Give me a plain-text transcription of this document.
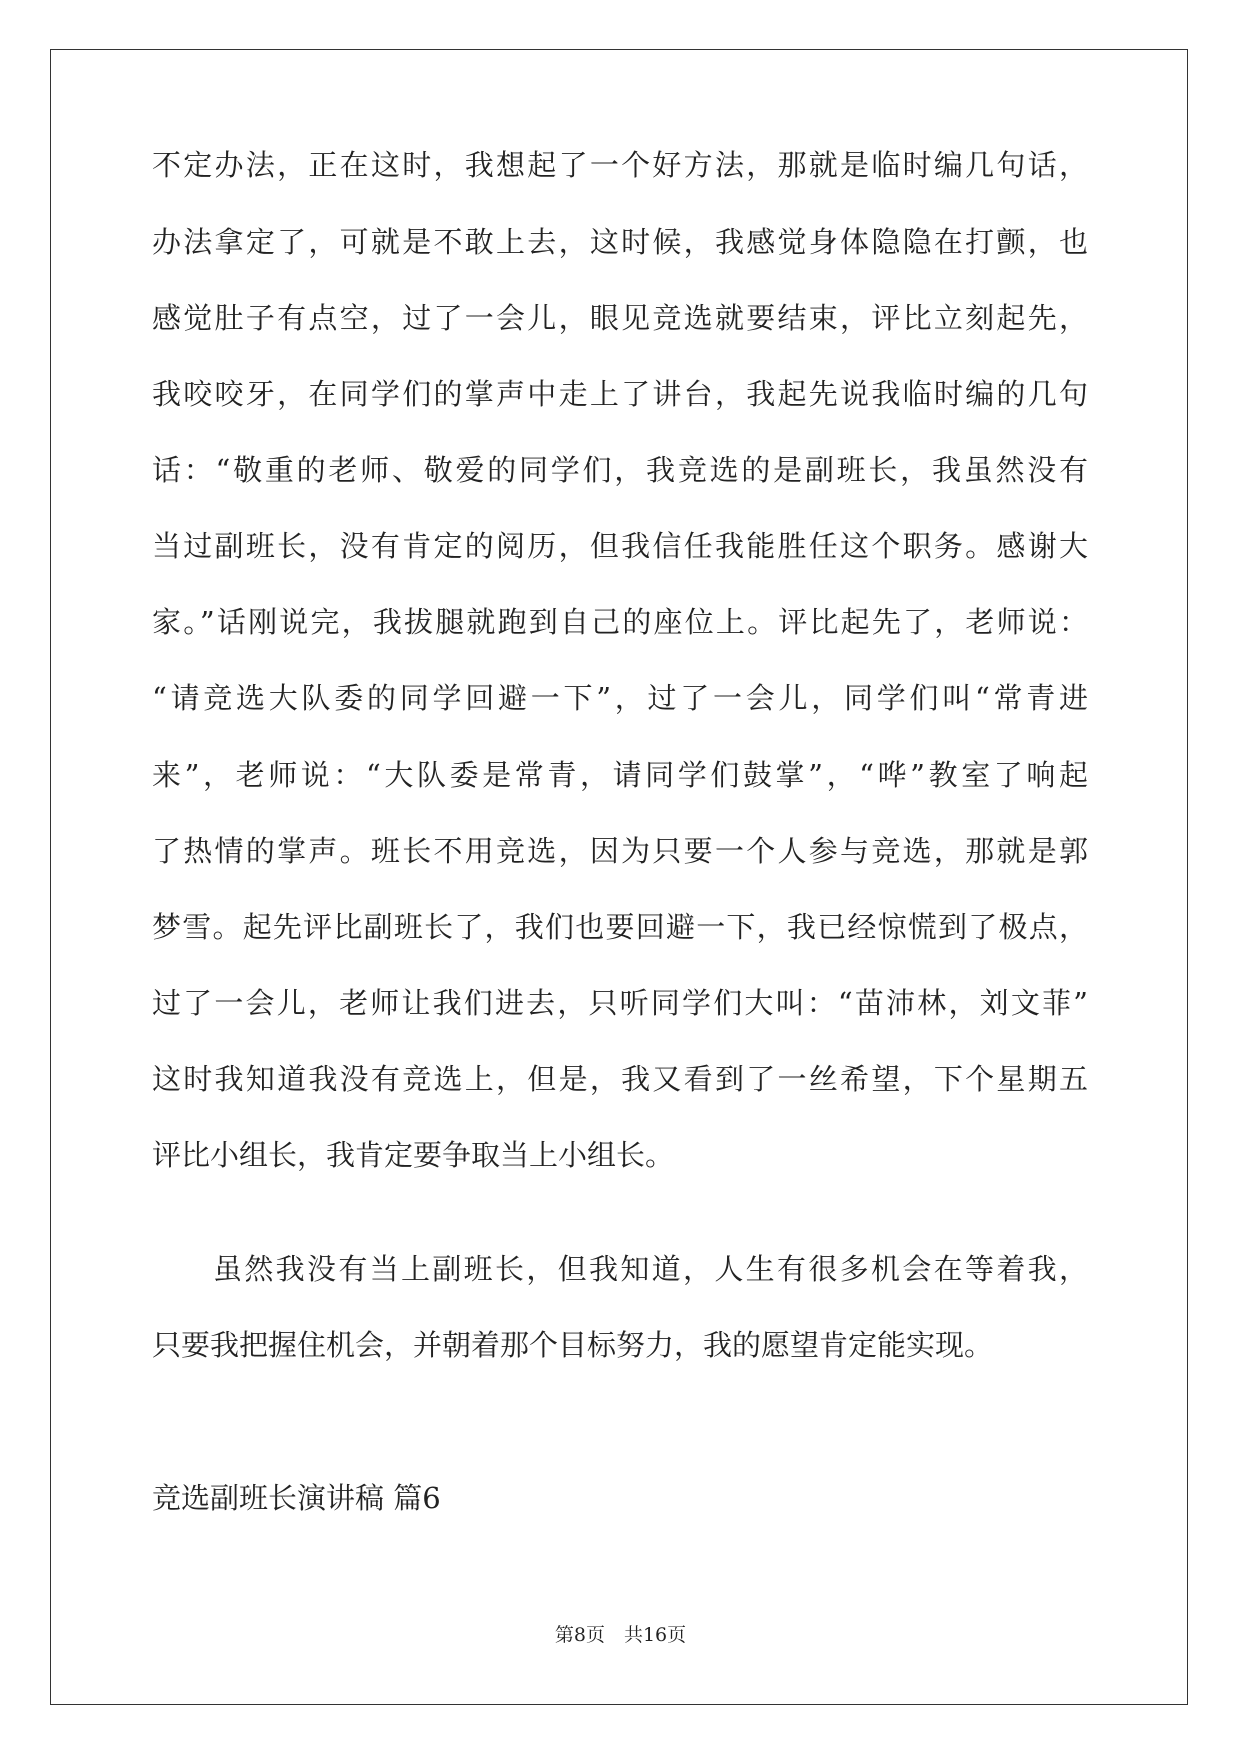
不定办法，正在这时，我想起了一个好方法，那就是临时编几句话，
办法拿定了，可就是不敢上去，这时候，我感觉身体隐隐在打颤，也
感觉肚子有点空，过了一会儿，眼见竞选就要结束，评比立刻起先，
我咬咬牙，在同学们的掌声中走上了讲台，我起先说我临时编的几句
话：“敬重的老师、敬爱的同学们，我竞选的是副班长，我虽然没有
当过副班长，没有肯定的阅历，但我信任我能胜任这个职务。感谢大
家。”话刚说完，我拔腿就跑到自己的座位上。评比起先了，老师说：
“请竞选大队委的同学回避一下”，过了一会儿，同学们叫“常青进
来”，老师说：“大队委是常青，请同学们鼓掌”，“哗”教室了响起
了热情的掌声。班长不用竞选，因为只要一个人参与竞选，那就是郭
梦雪。起先评比副班长了，我们也要回避一下，我已经惊慌到了极点，
过了一会儿，老师让我们进去，只听同学们大叫：“苗沛林，刘文菲”
这时我知道我没有竞选上，但是，我又看到了一丝希望，下个星期五
评比小组长，我肯定要争取当上小组长。
虽然我没有当上副班长，但我知道，人生有很多机会在等着我，
只要我把握住机会，并朝着那个目标努力，我的愿望肯定能实现。
竞选副班长演讲稿 篇6
第8页　共16页
